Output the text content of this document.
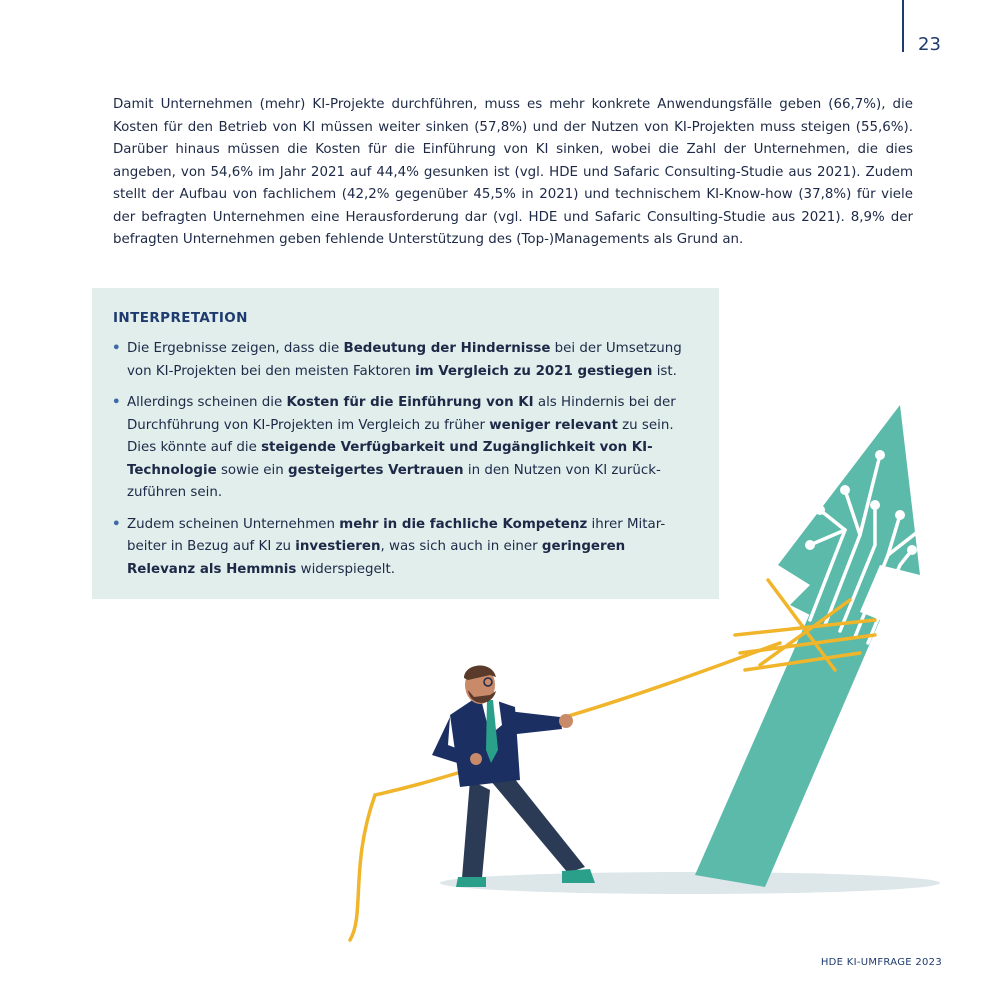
23

Damit Unternehmen (mehr) KI-Projekte durchführen, muss es mehr konkrete Anwendungsfälle geben (66,7%), die Kosten für den Betrieb von KI müssen weiter sinken (57,8%) und der Nutzen von KI-Projekten muss steigen (55,6%). Darüber hinaus müssen die Kosten für die Einführung von KI sinken, wobei die Zahl der Unternehmen, die dies angeben, von 54,6% im Jahr 2021 auf 44,4% gesunken ist (vgl. HDE und Safaric Consulting-Studie aus 2021). Zudem stellt der Aufbau von fachlichem (42,2% gegenüber 45,5% in 2021) und technischem KI-Know-how (37,8%) für viele der befragten Unternehmen eine Herausforderung dar (vgl. HDE und Safaric Consulting-Studie aus 2021). 8,9% der befragten Unternehmen geben fehlende Unterstützung des (Top-)Managements als Grund an.

INTERPRETATION
• Die Ergebnisse zeigen, dass die Bedeutung der Hindernisse bei der Umsetzung von KI-Projekten bei den meisten Faktoren im Vergleich zu 2021 gestiegen ist.
• Allerdings scheinen die Kosten für die Einführung von KI als Hindernis bei der Durchführung von KI-Projekten im Vergleich zu früher weniger relevant zu sein. Dies könnte auf die steigende Verfügbarkeit und Zugänglichkeit von KI-Technologie sowie ein gesteigertes Vertrauen in den Nutzen von KI zurück-zuführen sein.
• Zudem scheinen Unternehmen mehr in die fachliche Kompetenz ihrer Mitar-beiter in Bezug auf KI zu investieren, was sich auch in einer geringeren Relevanz als Hemmnis widerspiegelt.
HDE KI-UMFRAGE 2023
